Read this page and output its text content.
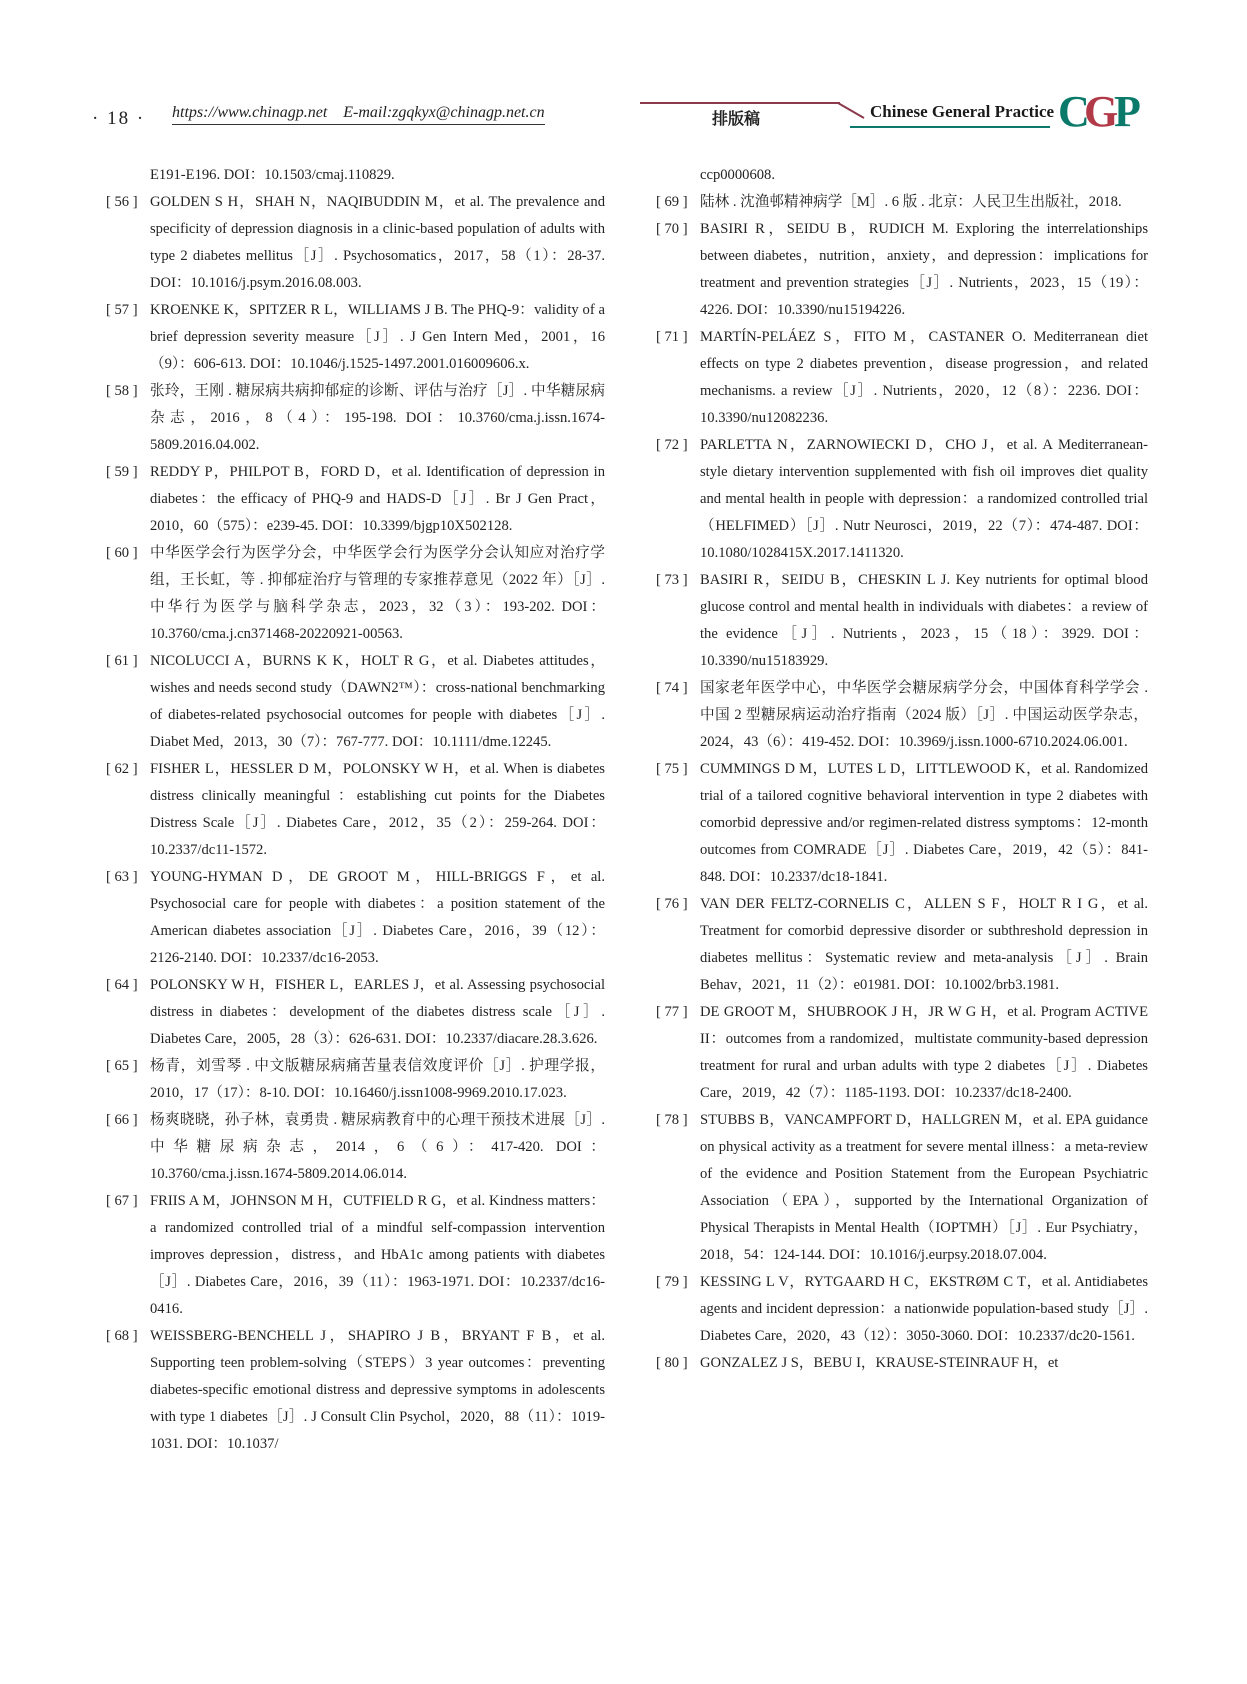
· 18 · https://www.chinagp.net E-mail:zgqkyx@chinagp.net.cn	排版稿	Chinese General Practice C
G
P
E191-E196. DOI：10.1503/cmaj.110829.
[ 56 ] GOLDEN S H，SHAH N，NAQIBUDDIN M，et al. The prevalence and specificity of depression diagnosis in a clinic-based population of adults with type 2 diabetes mellitus［J］. Psychosomatics，2017，58（1）：28-37. DOI：10.1016/j.psym.2016.08.003.
[ 57 ] KROENKE K，SPITZER R L，WILLIAMS J B. The PHQ-9：validity of a brief depression severity measure［J］. J Gen Intern Med，2001，16（9）：606-613. DOI：10.1046/j.1525-1497.2001.016009606.x.
[ 58 ] 张玲，王刚 . 糖尿病共病抑郁症的诊断、评估与治疗［J］. 中华糖尿病杂志，2016，8（4）：195-198. DOI：10.3760/cma.j.issn.1674-5809.2016.04.002.
[ 59 ] REDDY P，PHILPOT B，FORD D，et al. Identification of depression in diabetes：the efficacy of PHQ-9 and HADS-D［J］. Br J Gen Pract，2010，60（575）：e239-45. DOI：10.3399/bjgp10X502128.
[ 60 ] 中华医学会行为医学分会，中华医学会行为医学分会认知应对治疗学组，王长虹，等 . 抑郁症治疗与管理的专家推荐意见（2022 年）［J］. 中华行为医学与脑科学杂志，2023，32（3）：193-202. DOI：10.3760/cma.j.cn371468-20220921-00563.
[ 61 ] NICOLUCCI A，BURNS K K，HOLT R G，et al. Diabetes attitudes，wishes and needs second study（DAWN2™）：cross-national benchmarking of diabetes-related psychosocial outcomes for people with diabetes［J］. Diabet Med，2013，30（7）：767-777. DOI：10.1111/dme.12245.
[ 62 ] FISHER L，HESSLER D M，POLONSKY W H，et al. When is diabetes distress clinically meaningful ：establishing cut points for the Diabetes Distress Scale［J］. Diabetes Care，2012，35（2）：259-264. DOI：10.2337/dc11-1572.
[ 63 ] YOUNG-HYMAN D，DE GROOT M，HILL-BRIGGS F，et al. Psychosocial care for people with diabetes：a position statement of the American diabetes association［J］. Diabetes Care，2016，39（12）：2126-2140. DOI：10.2337/dc16-2053.
[ 64 ] POLONSKY W H，FISHER L，EARLES J，et al. Assessing psychosocial distress in diabetes：development of the diabetes distress scale［J］. Diabetes Care，2005，28（3）：626-631. DOI：10.2337/diacare.28.3.626.
[ 65 ] 杨青，刘雪琴 . 中文版糖尿病痛苦量表信效度评价［J］. 护理学报，2010，17（17）：8-10. DOI：10.16460/j.issn1008-9969.2010.17.023.
[ 66 ] 杨爽晓晓，孙子林，袁勇贵 . 糖尿病教育中的心理干预技术进展［J］. 中华糖尿病杂志，2014，6（6）：417-420. DOI：10.3760/cma.j.issn.1674-5809.2014.06.014.
[ 67 ] FRIIS A M，JOHNSON M H，CUTFIELD R G，et al. Kindness matters：a randomized controlled trial of a mindful self-compassion intervention improves depression，distress，and HbA1c among patients with diabetes［J］. Diabetes Care，2016，39（11）：1963-1971. DOI：10.2337/dc16-0416.
[ 68 ] WEISSBERG-BENCHELL J，SHAPIRO J B，BRYANT F B，et al. Supporting teen problem-solving（STEPS）3 year outcomes：preventing diabetes-specific emotional distress and depressive symptoms in adolescents with type 1 diabetes［J］. J Consult Clin Psychol，2020，88（11）：1019-1031. DOI：10.1037/
ccp0000608.
[ 69 ] 陆林 . 沈渔邨精神病学［M］. 6 版 . 北京：人民卫生出版社，2018.
[ 70 ] BASIRI R，SEIDU B，RUDICH M. Exploring the interrelationships between diabetes，nutrition，anxiety，and depression：implications for treatment and prevention strategies［J］. Nutrients，2023，15（19）：4226. DOI：10.3390/nu15194226.
[ 71 ] MARTÍN-PELÁEZ S，FITO M，CASTANER O. Mediterranean diet effects on type 2 diabetes prevention，disease progression，and related mechanisms. a review［J］. Nutrients，2020，12（8）：2236. DOI：10.3390/nu12082236.
[ 72 ] PARLETTA N，ZARNOWIECKI D，CHO J，et al. A Mediterranean-style dietary intervention supplemented with fish oil improves diet quality and mental health in people with depression：a randomized controlled trial（HELFIMED）［J］. Nutr Neurosci，2019，22（7）：474-487. DOI：10.1080/1028415X.2017.1411320.
[ 73 ] BASIRI R，SEIDU B，CHESKIN L J. Key nutrients for optimal blood glucose control and mental health in individuals with diabetes：a review of the evidence［J］. Nutrients，2023，15（18）：3929. DOI：10.3390/nu15183929.
[ 74 ] 国家老年医学中心，中华医学会糖尿病学分会，中国体育科学学会 . 中国 2 型糖尿病运动治疗指南（2024 版）［J］. 中国运动医学杂志，2024，43（6）：419-452. DOI：10.3969/j.issn.1000-6710.2024.06.001.
[ 75 ] CUMMINGS D M，LUTES L D，LITTLEWOOD K，et al. Randomized trial of a tailored cognitive behavioral intervention in type 2 diabetes with comorbid depressive and/or regimen-related distress symptoms：12-month outcomes from COMRADE［J］. Diabetes Care，2019，42（5）：841-848. DOI：10.2337/dc18-1841.
[ 76 ] VAN DER FELTZ-CORNELIS C，ALLEN S F，HOLT R I G，et al. Treatment for comorbid depressive disorder or subthreshold depression in diabetes mellitus：Systematic review and meta-analysis［J］. Brain Behav，2021，11（2）：e01981. DOI：10.1002/brb3.1981.
[ 77 ] DE GROOT M，SHUBROOK J H，JR W G H，et al. Program ACTIVE II：outcomes from a randomized，multistate community-based depression treatment for rural and urban adults with type 2 diabetes［J］. Diabetes Care，2019，42（7）：1185-1193. DOI：10.2337/dc18-2400.
[ 78 ] STUBBS B，VANCAMPFORT D，HALLGREN M，et al. EPA guidance on physical activity as a treatment for severe mental illness：a meta-review of the evidence and Position Statement from the European Psychiatric Association（EPA），supported by the International Organization of Physical Therapists in Mental Health（IOPTMH）［J］. Eur Psychiatry，2018，54：124-144. DOI：10.1016/j.eurpsy.2018.07.004.
[ 79 ] KESSING L V，RYTGAARD H C，EKSTRØM C T，et al. Antidiabetes agents and incident depression：a nationwide population-based study［J］. Diabetes Care，2020，43（12）：3050-3060. DOI：10.2337/dc20-1561.
[ 80 ] GONZALEZ J S，BEBU I，KRAUSE-STEINRAUF H，et
